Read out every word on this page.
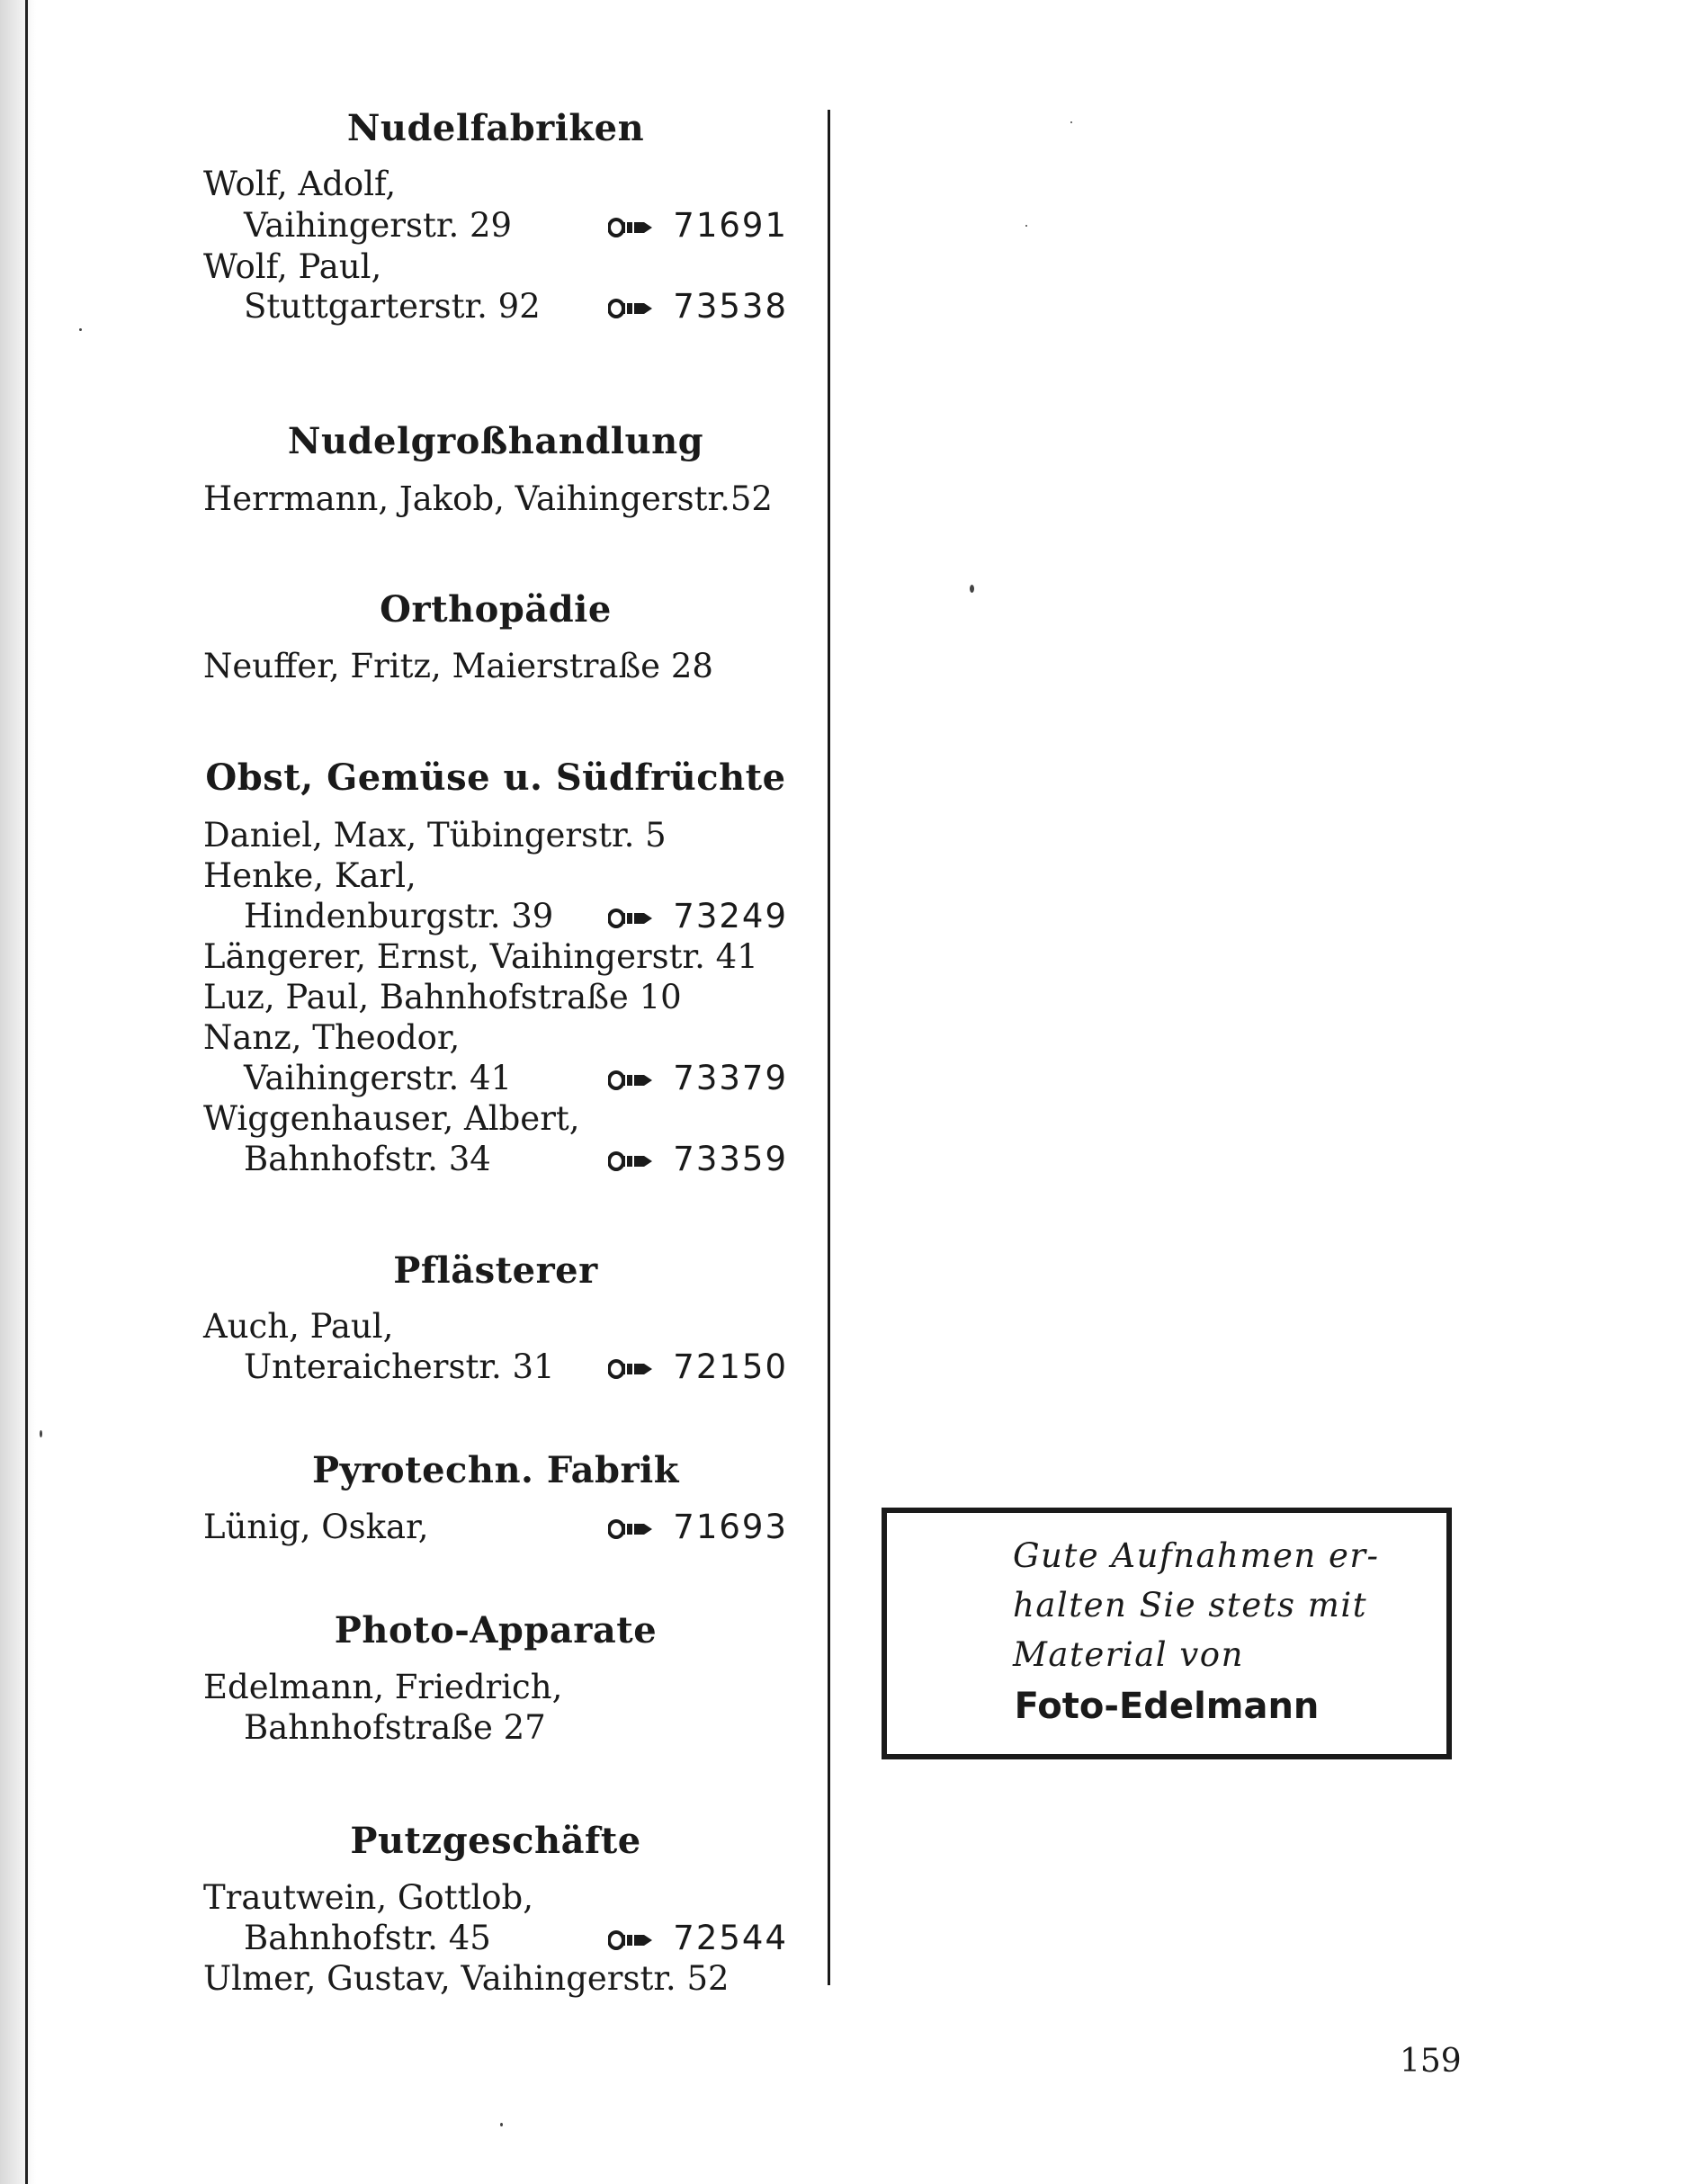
Nudelfabriken
Wolf, Adolf,
Vaihingerstr. 29	71691
Wolf, Paul,
Stuttgarterstr. 92	73538
Nudelgroßhandlung
Herrmann, Jakob, Vaihingerstr.52
Orthopädie
Neuffer, Fritz, Maierstraße 28
Obst, Gemüse u. Südfrüchte
Daniel, Max, Tübingerstr. 5
Henke, Karl,
Hindenburgstr. 39	73249
Längerer, Ernst, Vaihingerstr. 41
Luz, Paul, Bahnhofstraße 10
Nanz, Theodor,
Vaihingerstr. 41	73379
Wiggenhauser, Albert,
Bahnhofstr. 34	73359
Pflästerer
Auch, Paul,
Unteraicherstr. 31	72150
Pyrotechn. Fabrik
Lünig, Oskar,	71693
Photo-Apparate
Edelmann, Friedrich,
Bahnhofstraße 27
Putzgeschäfte
Trautwein, Gottlob,
Bahnhofstr. 45	72544
Ulmer, Gustav, Vaihingerstr. 52
Gute Aufnahmen er-
halten Sie stets mit
Material von
Foto-Edelmann
159
